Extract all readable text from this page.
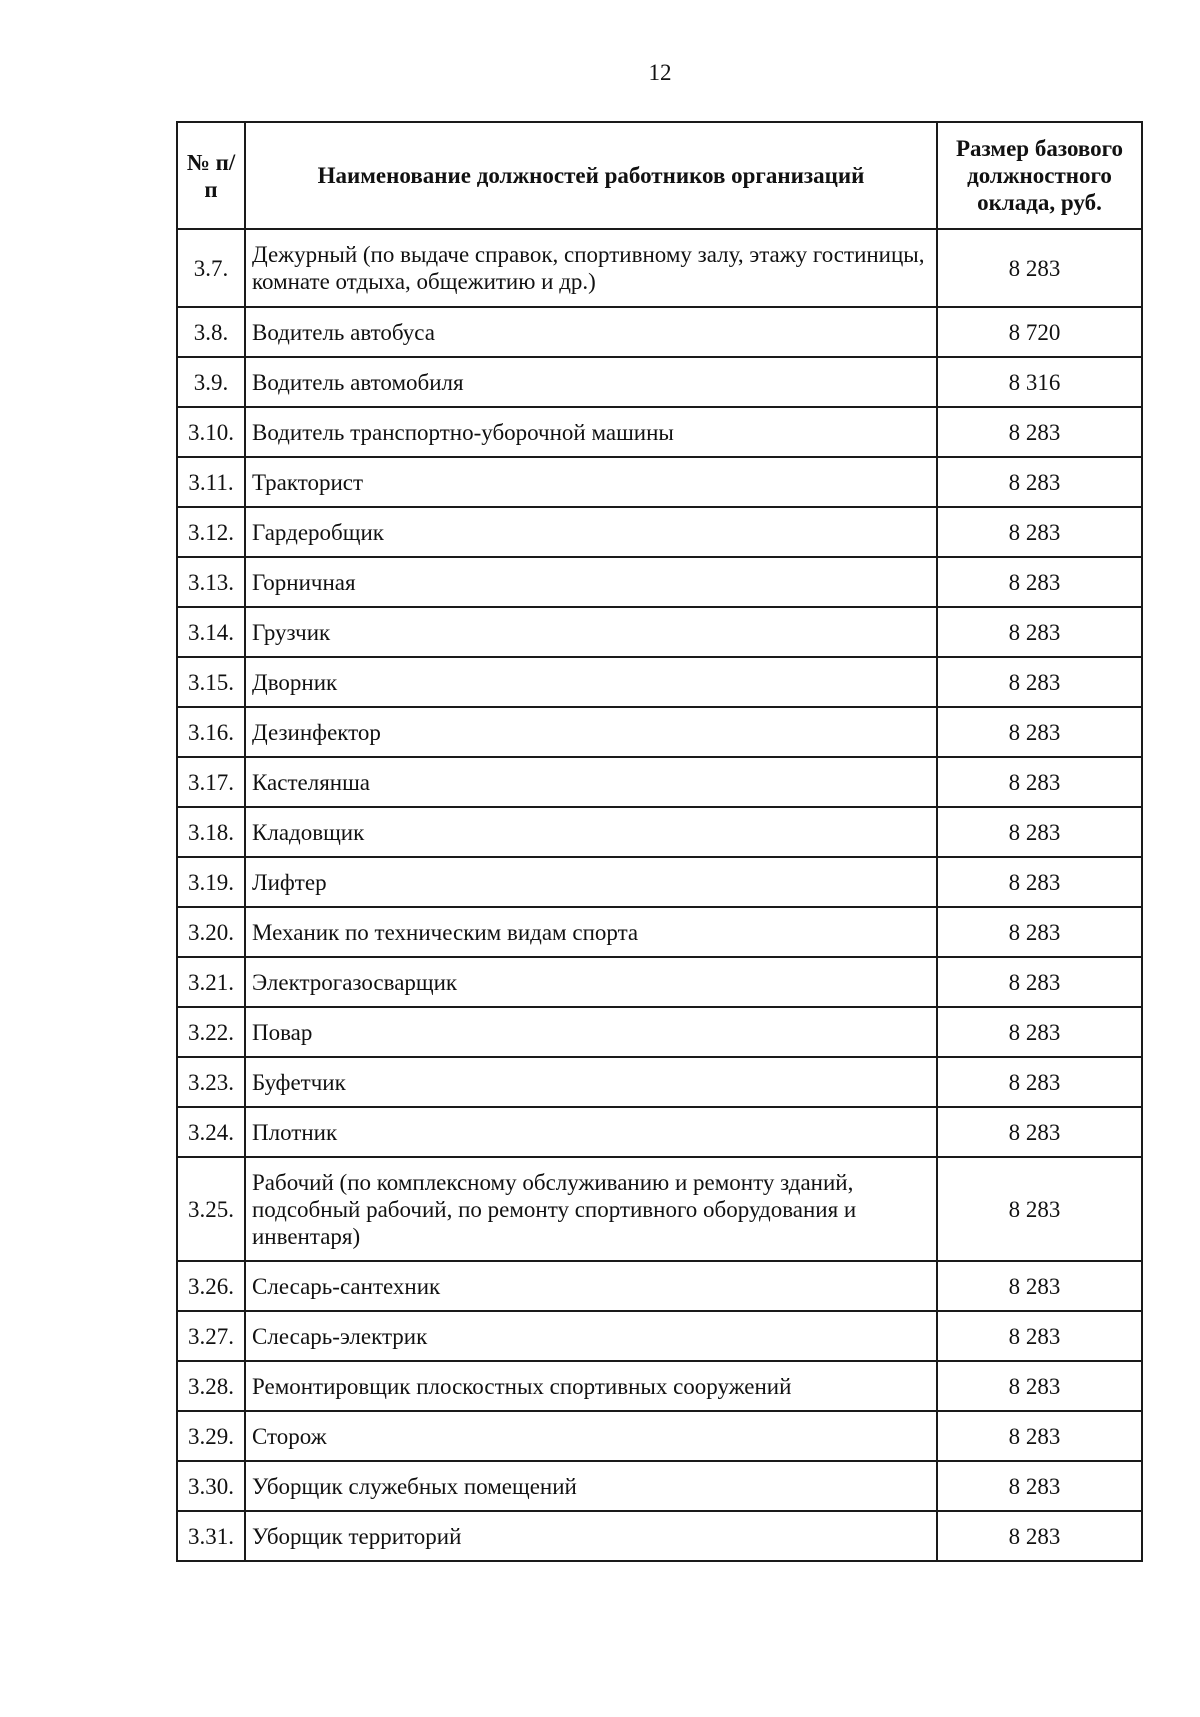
12
№ п/п	Наименование должностей работников организаций	Размер базового должностного оклада, руб.
3.7.	Дежурный (по выдаче справок, спортивному залу, этажу гостиницы, комнате отдыха, общежитию и др.)	8 283
3.8.	Водитель автобуса	8 720
3.9.	Водитель автомобиля	8 316
3.10.	Водитель транспортно-уборочной машины	8 283
3.11.	Тракторист	8 283
3.12.	Гардеробщик	8 283
3.13.	Горничная	8 283
3.14.	Грузчик	8 283
3.15.	Дворник	8 283
3.16.	Дезинфектор	8 283
3.17.	Кастелянша	8 283
3.18.	Кладовщик	8 283
3.19.	Лифтер	8 283
3.20.	Механик по техническим видам спорта	8 283
3.21.	Электрогазосварщик	8 283
3.22.	Повар	8 283
3.23.	Буфетчик	8 283
3.24.	Плотник	8 283
3.25.	Рабочий (по комплексному обслуживанию и ремонту зданий, подсобный рабочий, по ремонту спортивного оборудования и инвентаря)	8 283
3.26.	Слесарь-сантехник	8 283
3.27.	Слесарь-электрик	8 283
3.28.	Ремонтировщик плоскостных спортивных сооружений	8 283
3.29.	Сторож	8 283
3.30.	Уборщик служебных помещений	8 283
3.31.	Уборщик территорий	8 283
